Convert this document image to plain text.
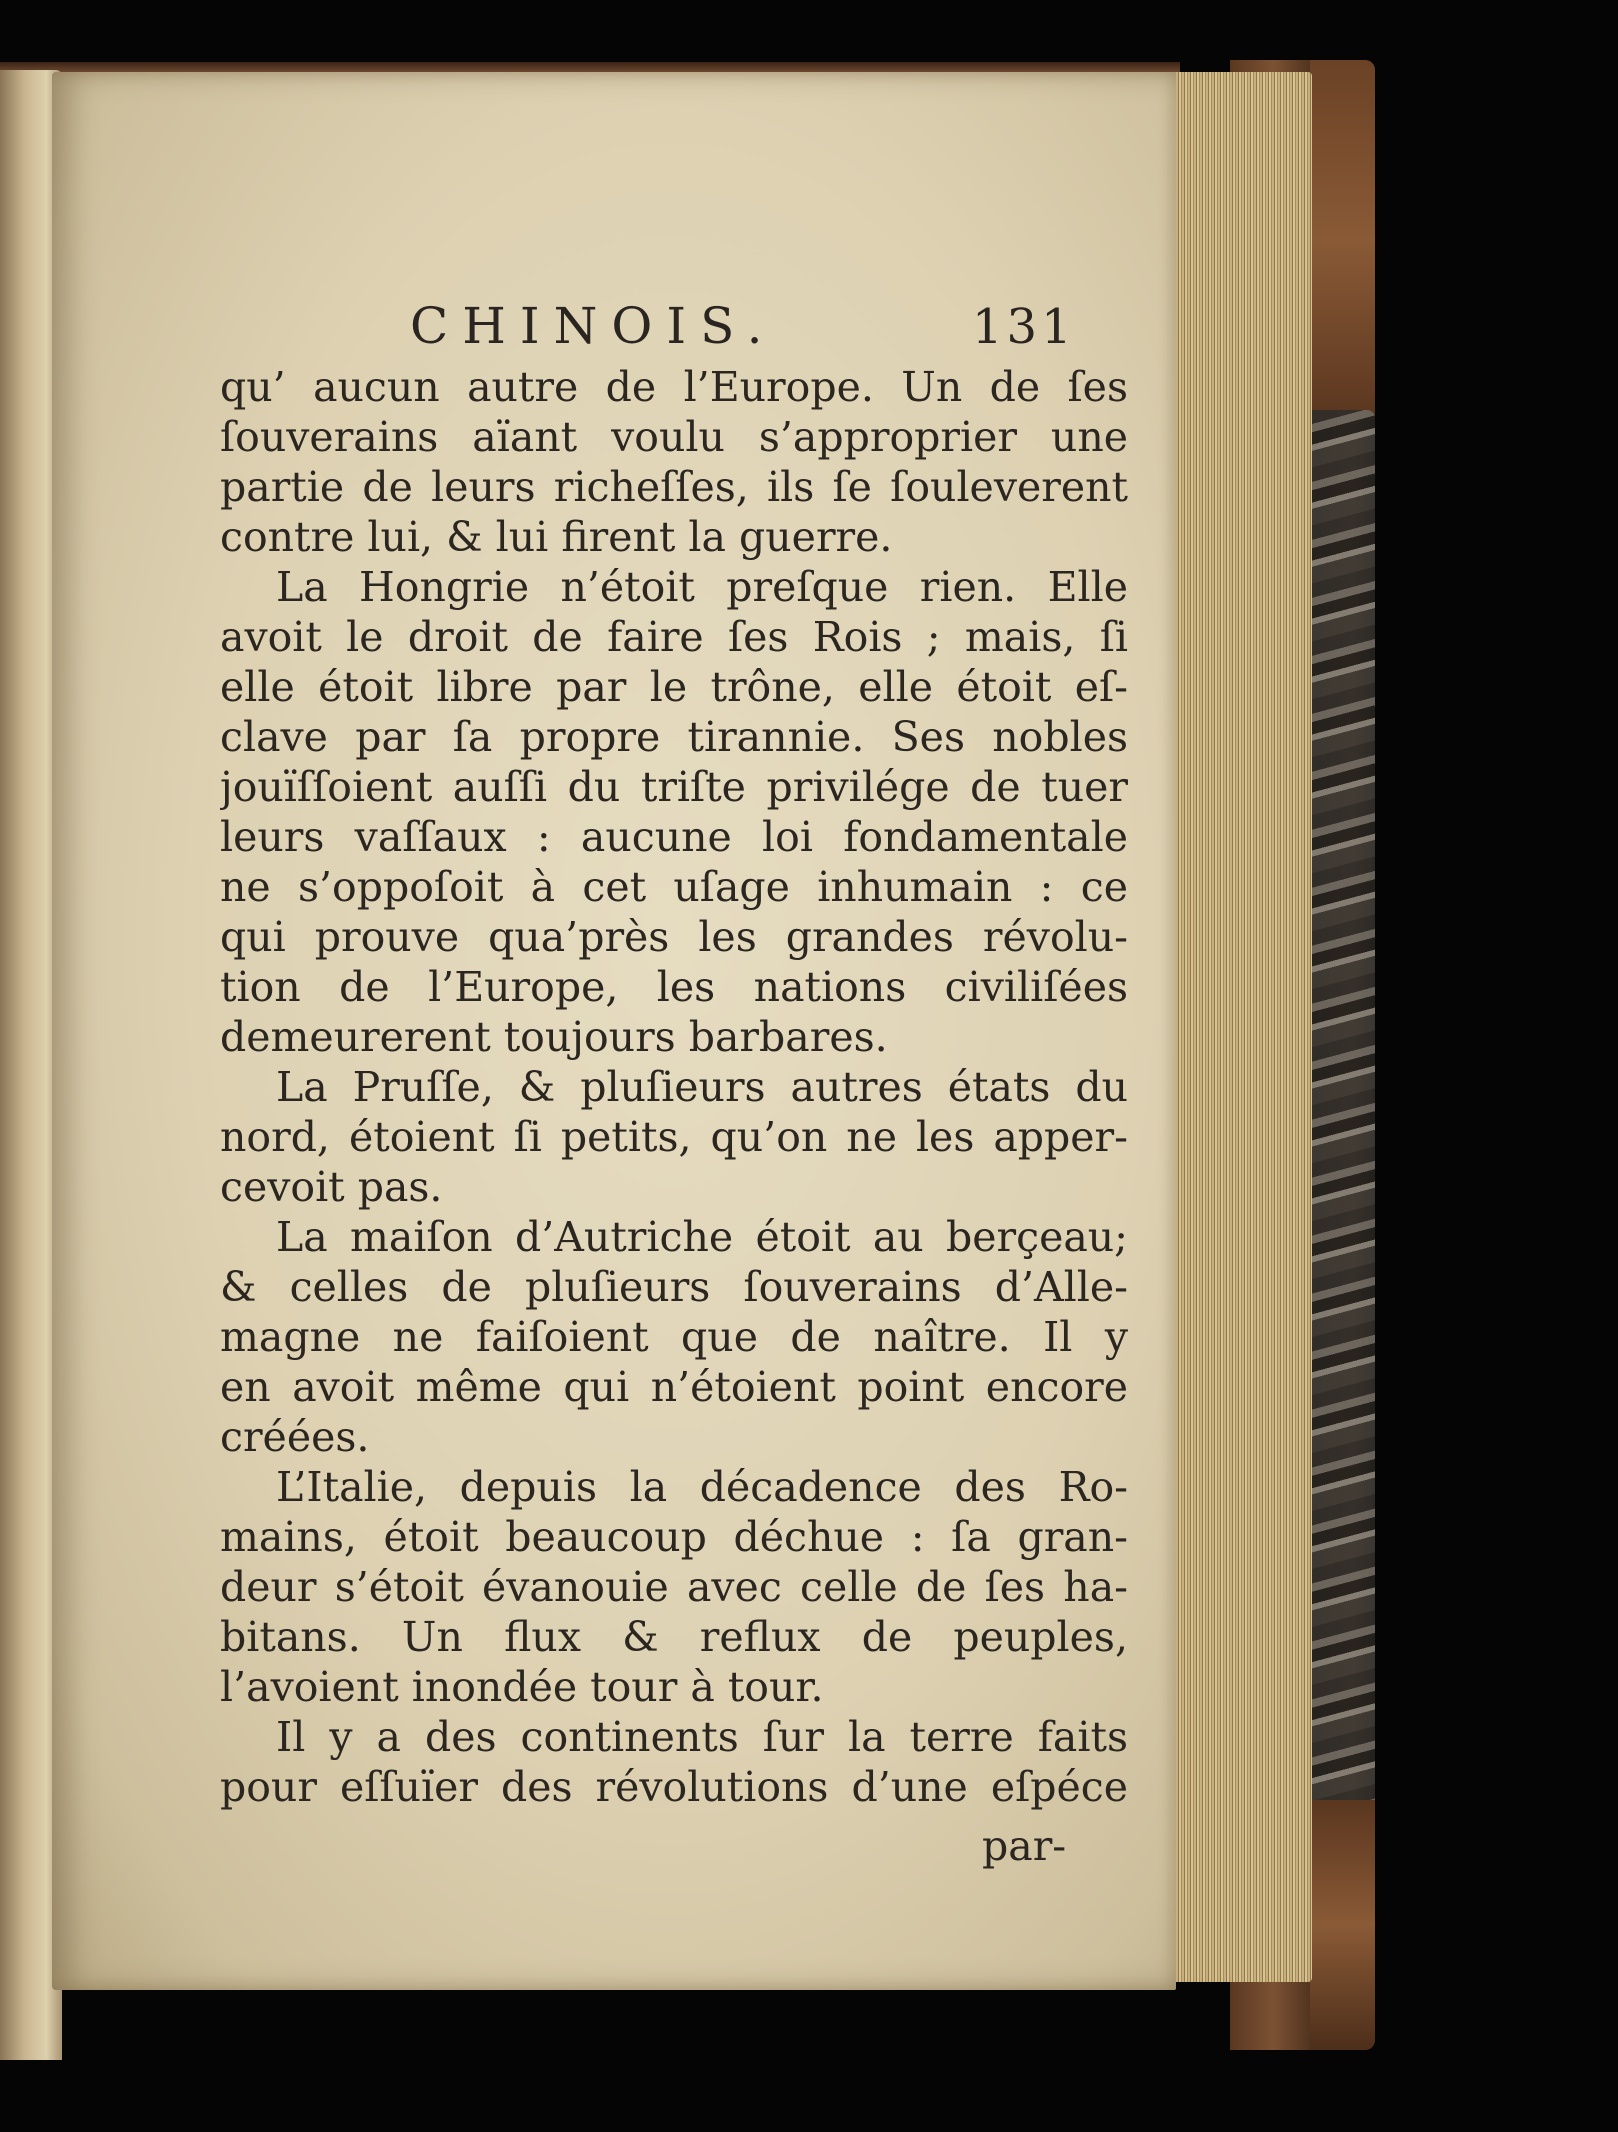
CHINOIS.	131
qu’ aucun autre de l’Europe. Un de ſes
ſouverains aïant voulu s’approprier une
partie de leurs richeſſes, ils ſe ſouleverent
contre lui, & lui firent la guerre.
La Hongrie n’étoit preſque rien. Elle
avoit le droit de faire ſes Rois ; mais, ſi
elle étoit libre par le trône, elle étoit eſ-
clave par ſa propre tirannie. Ses nobles
jouïſſoient auſſi du triſte privilége de tuer
leurs vaſſaux : aucune loi fondamentale
ne s’oppoſoit à cet uſage inhumain : ce
qui prouve qua’près les grandes révolu-
tion de l’Europe, les nations civiliſées
demeurerent toujours barbares.
La Pruſſe, & pluſieurs autres états du
nord, étoient ſi petits, qu’on ne les apper-
cevoit pas.
La maiſon d’Autriche étoit au berçeau;
& celles de pluſieurs ſouverains d’Alle-
magne ne faiſoient que de naître. Il y
en avoit même qui n’étoient point encore
créées.
L’Italie, depuis la décadence des Ro-
mains, étoit beaucoup déchue : ſa gran-
deur s’étoit évanouie avec celle de ſes ha-
bitans. Un flux & reflux de peuples,
l’avoient inondée tour à tour.
Il y a des continents ſur la terre faits
pour eſſuïer des révolutions d’une eſpéce
par-
